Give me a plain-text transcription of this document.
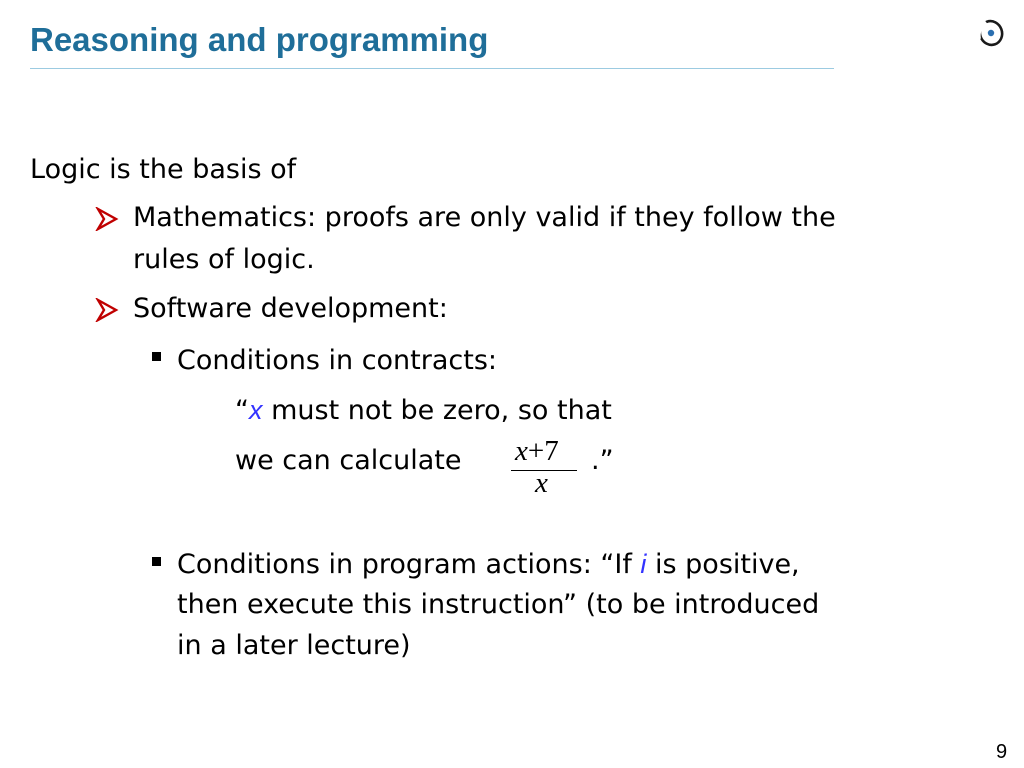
Reasoning and programming
Logic is the basis of
Mathematics: proofs are only valid if they follow the
rules of logic.
Software development:
Conditions in contracts:
“x must not be zero, so that
we can calculate x+7
x
.”
Conditions in program actions: “If i is positive,
then execute this instruction” (to be introduced
in a later lecture)
9
